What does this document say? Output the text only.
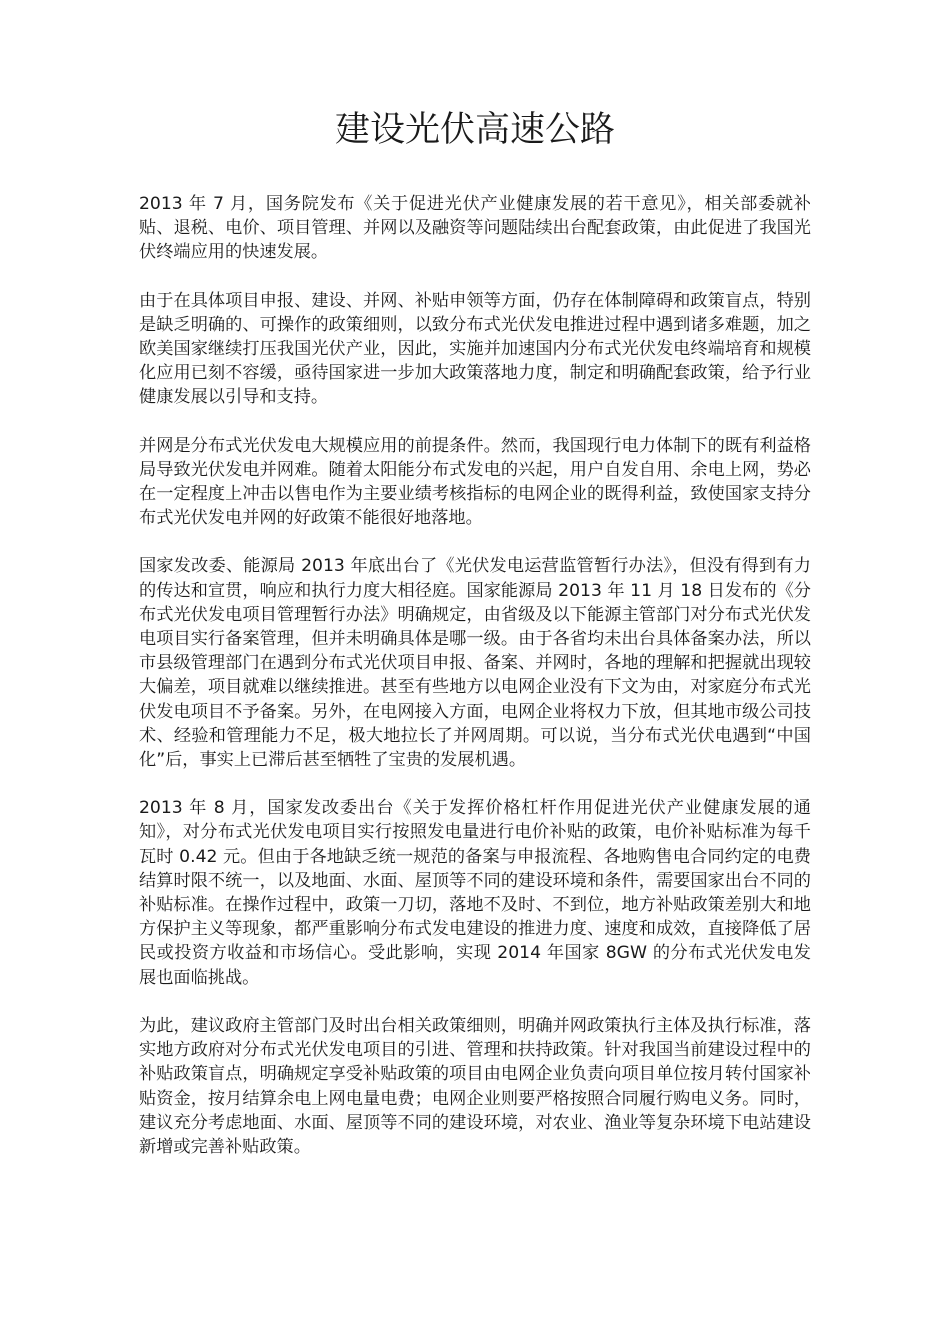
建设光伏高速公路

2013 年 7 月，国务院发布《关于促进光伏产业健康发展的若干意见》，相关部委就补贴、退税、电价、项目管理、并网以及融资等问题陆续出台配套政策，由此促进了我国光伏终端应用的快速发展。

由于在具体项目申报、建设、并网、补贴申领等方面，仍存在体制障碍和政策盲点，特别是缺乏明确的、可操作的政策细则，以致分布式光伏发电推进过程中遇到诸多难题，加之欧美国家继续打压我国光伏产业，因此，实施并加速国内分布式光伏发电终端培育和规模化应用已刻不容缓，亟待国家进一步加大政策落地力度，制定和明确配套政策，给予行业健康发展以引导和支持。

并网是分布式光伏发电大规模应用的前提条件。然而，我国现行电力体制下的既有利益格局导致光伏发电并网难。随着太阳能分布式发电的兴起，用户自发自用、余电上网，势必在一定程度上冲击以售电作为主要业绩考核指标的电网企业的既得利益，致使国家支持分布式光伏发电并网的好政策不能很好地落地。

国家发改委、能源局 2013 年底出台了《光伏发电运营监管暂行办法》，但没有得到有力的传达和宣贯，响应和执行力度大相径庭。国家能源局 2013 年 11 月 18 日发布的《分布式光伏发电项目管理暂行办法》明确规定，由省级及以下能源主管部门对分布式光伏发电项目实行备案管理，但并未明确具体是哪一级。由于各省均未出台具体备案办法，所以市县级管理部门在遇到分布式光伏项目申报、备案、并网时，各地的理解和把握就出现较大偏差，项目就难以继续推进。甚至有些地方以电网企业没有下文为由，对家庭分布式光伏发电项目不予备案。另外，在电网接入方面，电网企业将权力下放，但其地市级公司技术、经验和管理能力不足，极大地拉长了并网周期。可以说，当分布式光伏电遇到“中国化”后，事实上已滞后甚至牺牲了宝贵的发展机遇。

2013 年 8 月，国家发改委出台《关于发挥价格杠杆作用促进光伏产业健康发展的通知》，对分布式光伏发电项目实行按照发电量进行电价补贴的政策，电价补贴标准为每千瓦时 0.42 元。但由于各地缺乏统一规范的备案与申报流程、各地购售电合同约定的电费结算时限不统一，以及地面、水面、屋顶等不同的建设环境和条件，需要国家出台不同的补贴标准。在操作过程中，政策一刀切，落地不及时、不到位，地方补贴政策差别大和地方保护主义等现象，都严重影响分布式发电建设的推进力度、速度和成效，直接降低了居民或投资方收益和市场信心。受此影响，实现 2014 年国家 8GW 的分布式光伏发电发展也面临挑战。

为此，建议政府主管部门及时出台相关政策细则，明确并网政策执行主体及执行标准，落实地方政府对分布式光伏发电项目的引进、管理和扶持政策。针对我国当前建设过程中的补贴政策盲点，明确规定享受补贴政策的项目由电网企业负责向项目单位按月转付国家补贴资金，按月结算余电上网电量电费；电网企业则要严格按照合同履行购电义务。同时，建议充分考虑地面、水面、屋顶等不同的建设环境，对农业、渔业等复杂环境下电站建设新增或完善补贴政策。
